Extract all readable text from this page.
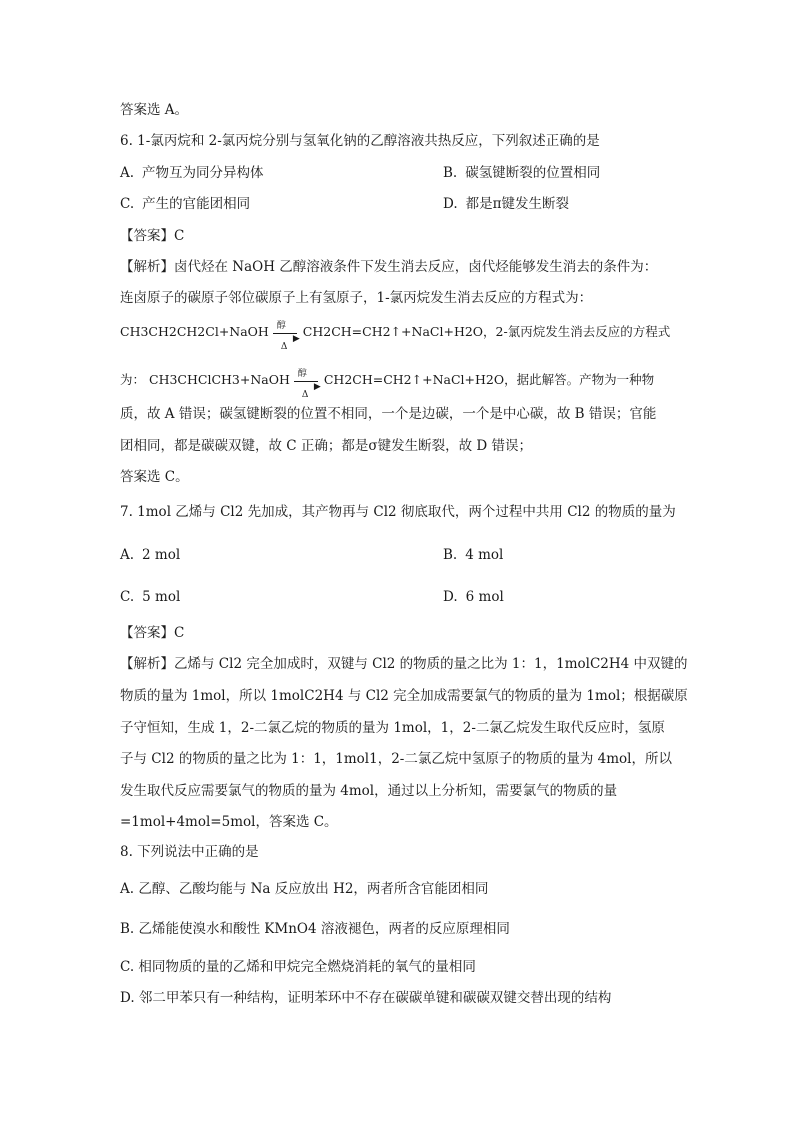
答案选 A。
6. 1-氯丙烷和 2-氯丙烷分别与氢氧化钠的乙醇溶液共热反应，下列叙述正确的是
A. 产物互为同分异构体	B. 碳氢键断裂的位置相同
C. 产生的官能团相同	D. 都是π键发生断裂
【答案】C
【解析】卤代烃在 NaOH 乙醇溶液条件下发生消去反应，卤代烃能够发生消去的条件为：
连卤原子的碳原子邻位碳原子上有氢原子，1-氯丙烷发生消去反应的方程式为：
CH3CH2CH2Cl+NaOH 醇
▶
Δ
CH2CH=CH2↑+NaCl+H2O，2-氯丙烷发生消去反应的方程式
为： CH3CHClCH3+NaOH 醇
▶
Δ
CH2CH=CH2↑+NaCl+H2O，据此解答。产物为一种物
质，故 A 错误；碳氢键断裂的位置不相同，一个是边碳，一个是中心碳，故 B 错误；官能
团相同，都是碳碳双键，故 C 正确；都是σ键发生断裂，故 D 错误；
答案选 C。
7. 1mol 乙烯与 Cl2 先加成，其产物再与 Cl2 彻底取代，两个过程中共用 Cl2 的物质的量为
A. 2 mol	B. 4 mol
C. 5 mol	D. 6 mol
【答案】C
【解析】乙烯与 Cl2 完全加成时，双键与 Cl2 的物质的量之比为 1：1，1molC2H4 中双键的
物质的量为 1mol，所以 1molC2H4 与 Cl2 完全加成需要氯气的物质的量为 1mol；根据碳原
子守恒知，生成 1，2-二氯乙烷的物质的量为 1mol，1，2-二氯乙烷发生取代反应时，氢原
子与 Cl2 的物质的量之比为 1：1，1mol1，2-二氯乙烷中氢原子的物质的量为 4mol，所以
发生取代反应需要氯气的物质的量为 4mol，通过以上分析知，需要氯气的物质的量
=1mol+4mol=5mol，答案选 C。
8. 下列说法中正确的是
A. 乙醇、乙酸均能与 Na 反应放出 H2，两者所含官能团相同
B. 乙烯能使溴水和酸性 KMnO4 溶液褪色，两者的反应原理相同
C. 相同物质的量的乙烯和甲烷完全燃烧消耗的氧气的量相同
D. 邻二甲苯只有一种结构，证明苯环中不存在碳碳单键和碳碳双键交替出现的结构
